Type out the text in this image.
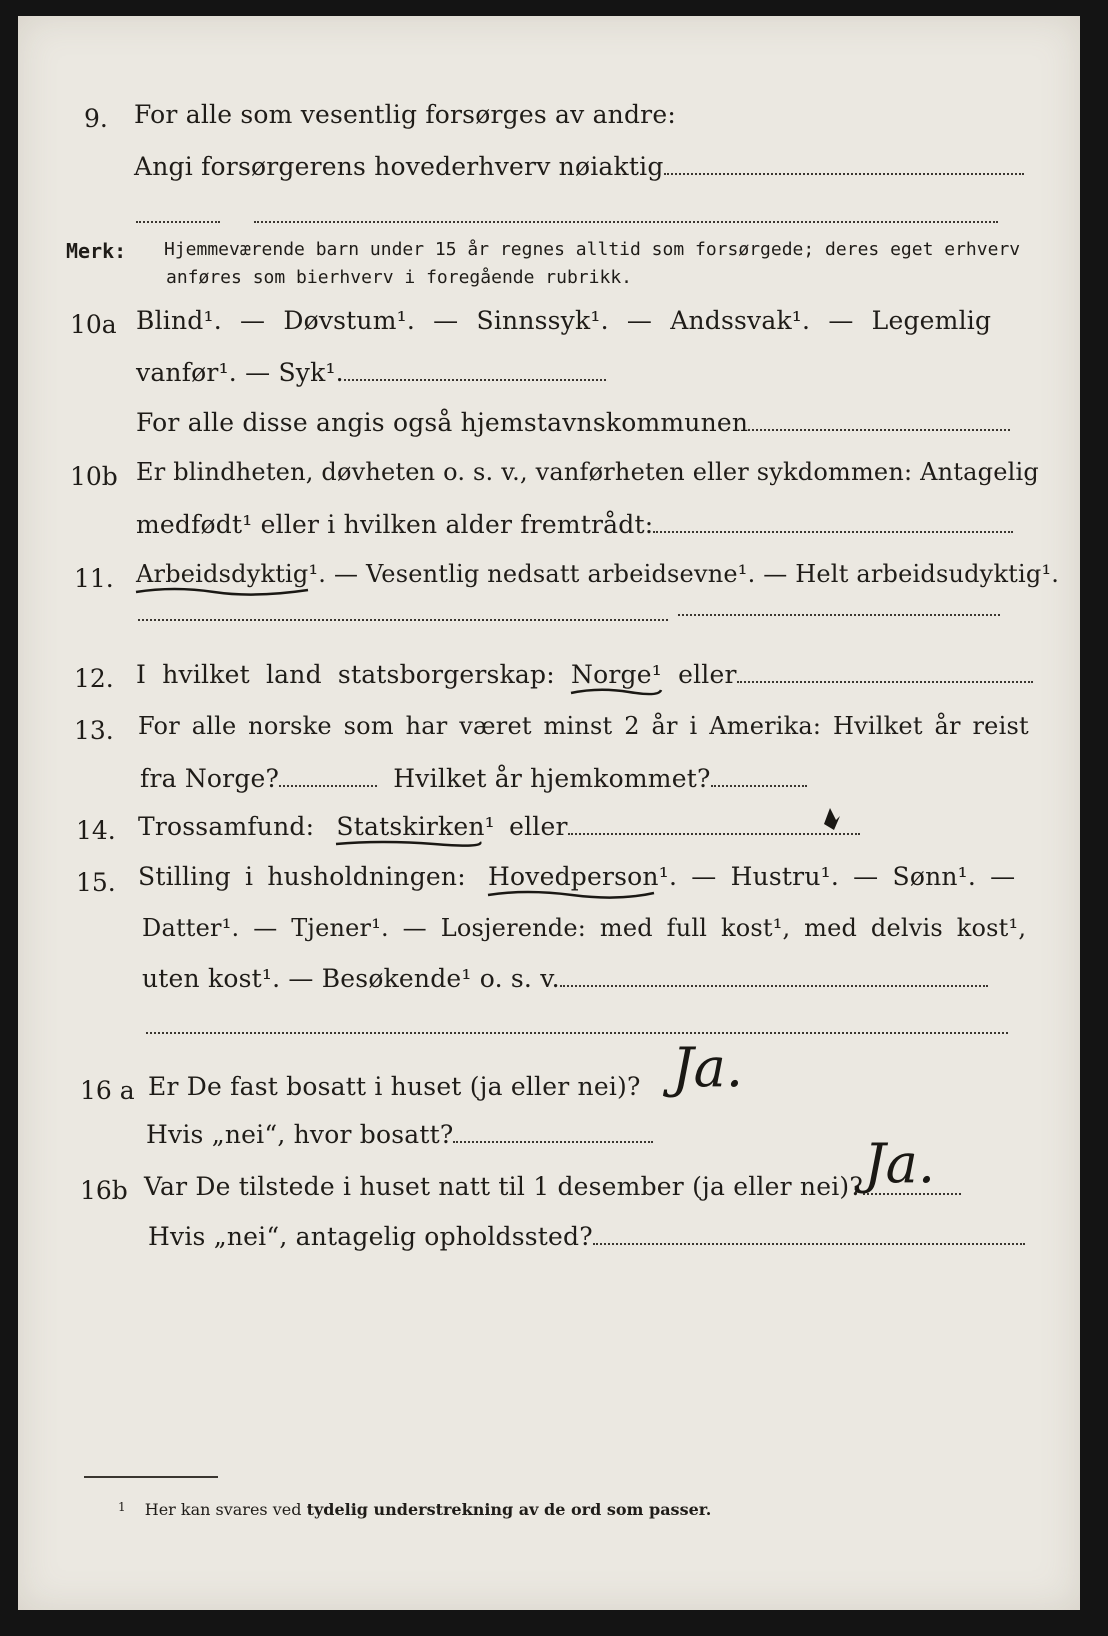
9. For alle som vesentlig forsørges av andre:
Angi forsørgerens hovederhverv nøiaktig
Merk: Hjemmeværende barn under 15 år regnes alltid som forsørgede; deres eget erhverv
anføres som bierhverv i foregående rubrikk.
10a Blind¹. — Døvstum¹. — Sinnssyk¹. — Andssvak¹. — Legemlig
vanfør¹. — Syk¹.
For alle disse angis også hjemstavnskommunen
10b Er blindheten, døvheten o. s. v., vanførheten eller sykdommen: Antagelig
medfødt¹ eller i hvilken alder fremtrådt:
11. Arbeidsdyktig¹
. — Vesentlig nedsatt arbeidsevne¹. — Helt arbeidsudyktig¹.
12. I hvilket land statsborgerskap: Norge¹ eller
13. For alle norske som har været minst 2 år i Amerika: Hvilket år reist
fra Norge?	Hvilket år hjemkommet?
14. Trossamfund: Statskirken¹ eller
15. Stilling i husholdningen: Hovedperson¹
. — Hustru¹. — Sønn¹. —
Datter¹. — Tjener¹. — Losjerende: med full kost¹, med delvis kost¹,
uten kost¹. — Besøkende¹ o. s. v.
16 a Er De fast bosatt i huset (ja eller nei)? Ja.
Hvis „nei“, hvor bosatt?
16b Var De tilstede i huset natt til 1 desember (ja eller nei)? Ja.
Hvis „nei“, antagelig opholdssted?
$^1$ Her kan svares ved tydelig understrekning av de ord som passer.
